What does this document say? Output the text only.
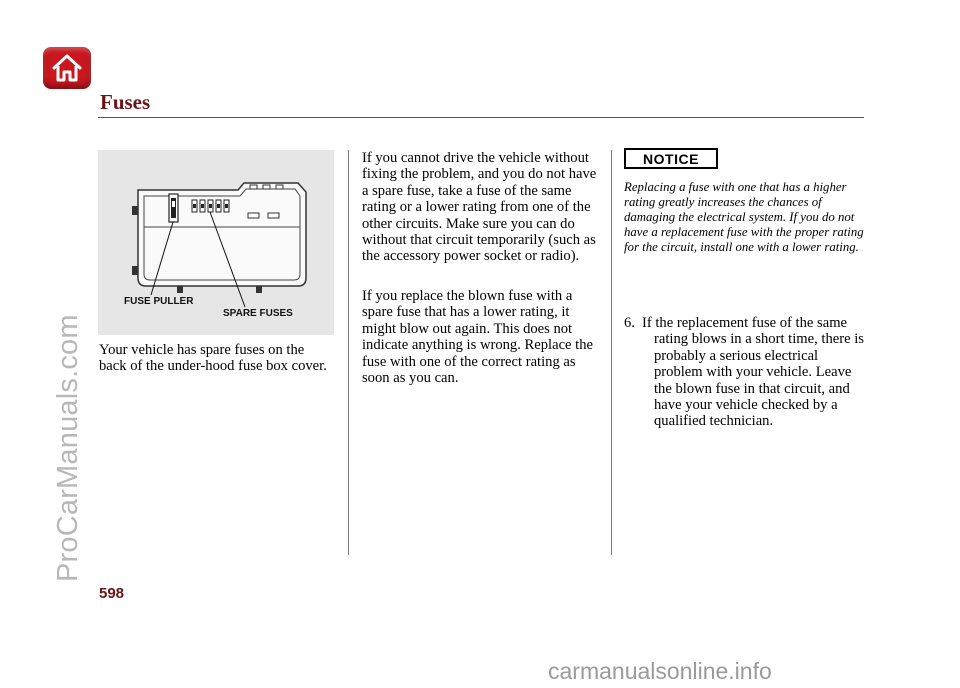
ProCarManuals.com
Fuses
FUSE PULLER
SPARE FUSES

Your vehicle has spare fuses on the back of the under-hood fuse box cover.

If you cannot drive the vehicle without fixing the problem, and you do not have a spare fuse, take a fuse of the same rating or a lower rating from one of the other circuits. Make sure you can do without that circuit temporarily (such as the accessory power socket or radio).

If you replace the blown fuse with a spare fuse that has a lower rating, it might blow out again. This does not indicate anything is wrong. Replace the fuse with one of the correct rating as soon as you can.

NOTICE

Replacing a fuse with one that has a higher rating greatly increases the chances of damaging the electrical system. If you do not have a replacement fuse with the proper rating for the circuit, install one with a lower rating.

6. If the replacement fuse of the same
rating blows in a short time, there is probably a serious electrical problem with your vehicle. Leave the blown fuse in that circuit, and have your vehicle checked by a qualified technician.
598
carmanualsonline.info
